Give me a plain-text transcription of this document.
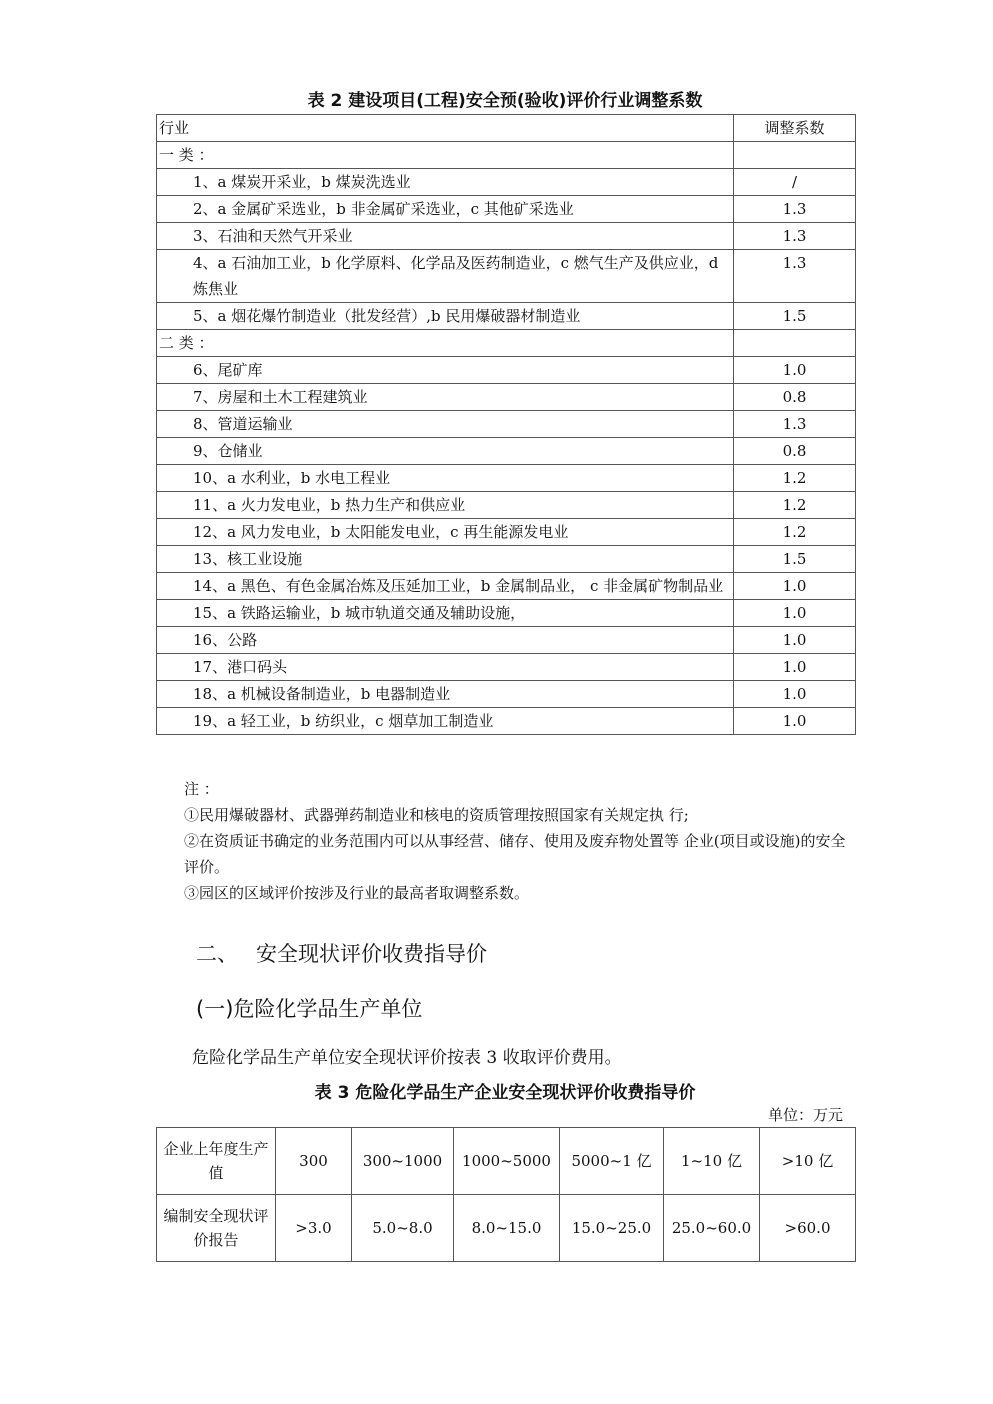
表 2 建设项目(工程)安全预(验收)评价行业调整系数
行业	调整系数
一 类 ：	
1、a 煤炭开采业，b 煤炭洗选业	/
2、a 金属矿采选业，b 非金属矿采选业，c 其他矿采选业	1.3
3、石油和天然气开采业	1.3
4、a 石油加工业，b 化学原料、化学品及医药制造业，c 燃气生产及供应业，d 炼焦业	1.3
5、a 烟花爆竹制造业（批发经营）,b 民用爆破器材制造业	1.5
二 类 ：	
6、尾矿库	1.0
7、房屋和土木工程建筑业	0.8
8、管道运输业	1.3
9、仓储业	0.8
10、a 水利业，b 水电工程业	1.2
11、a 火力发电业，b 热力生产和供应业	1.2
12、a 风力发电业，b 太阳能发电业，c 再生能源发电业	1.2
13、核工业设施	1.5
14、a 黑色、有色金属冶炼及压延加工业，b 金属制品业， c 非金属矿物制品业	1.0
15、a 铁路运输业，b 城市轨道交通及辅助设施，	1.0
16、公路	1.0
17、港口码头	1.0
18、a 机械设备制造业，b 电器制造业	1.0
19、a 轻工业，b 纺织业，c 烟草加工制造业	1.0
注 ：
①民用爆破器材、武器弹药制造业和核电的资质管理按照国家有关规定执 行;
②在资质证书确定的业务范围内可以从事经营、储存、使用及废弃物处置等 企业(项目或设施)的安全评价。
③园区的区域评价按涉及行业的最高者取调整系数。
二、 安全现状评价收费指导价
(一)危险化学品生产单位
危险化学品生产单位安全现状评价按表 3 收取评价费用。
表 3 危险化学品生产企业安全现状评价收费指导价
单位：万元
企业上年度生产值	300	300~1000	1000~5000	5000~1 亿	1~10 亿	>10 亿
编制安全现状评价报告	>3.0	5.0~8.0	8.0~15.0	15.0~25.0	25.0~60.0	>60.0
